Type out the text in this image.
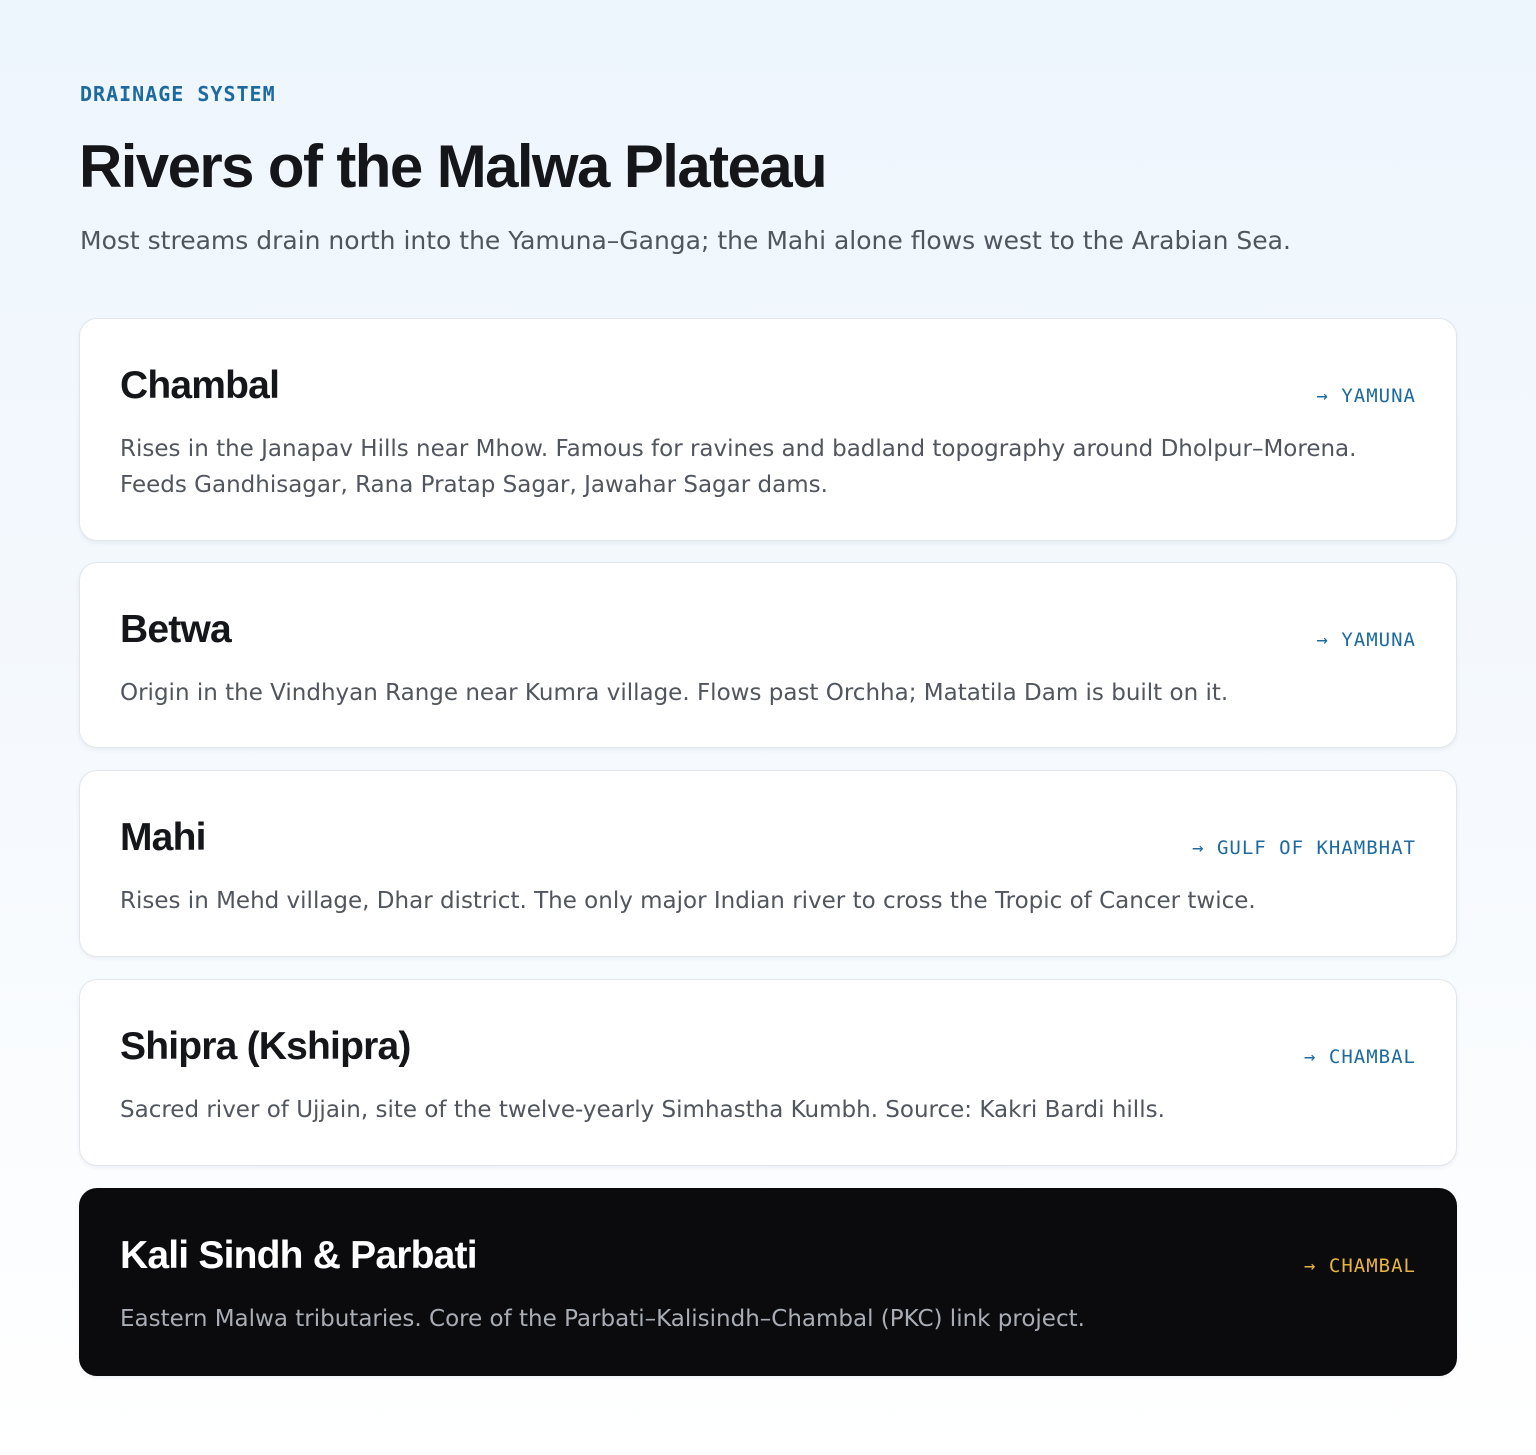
DRAINAGE SYSTEM
Rivers of the Malwa Plateau

Most streams drain north into the Yamuna–Ganga; the Mahi alone flows west to the Arabian Sea.

Chambal	→ YAMUNA

Rises in the Janapav Hills near Mhow. Famous for ravines and badland topography around Dholpur–Morena. Feeds Gandhisagar, Rana Pratap Sagar, Jawahar Sagar dams.

Betwa	→ YAMUNA

Origin in the Vindhyan Range near Kumra village. Flows past Orchha; Matatila Dam is built on it.

Mahi	→ GULF OF KHAMBHAT

Rises in Mehd village, Dhar district. The only major Indian river to cross the Tropic of Cancer twice.

Shipra (Kshipra)	→ CHAMBAL

Sacred river of Ujjain, site of the twelve-yearly Simhastha Kumbh. Source: Kakri Bardi hills.

Kali Sindh & Parbati	→ CHAMBAL

Eastern Malwa tributaries. Core of the Parbati–Kalisindh–Chambal (PKC) link project.
